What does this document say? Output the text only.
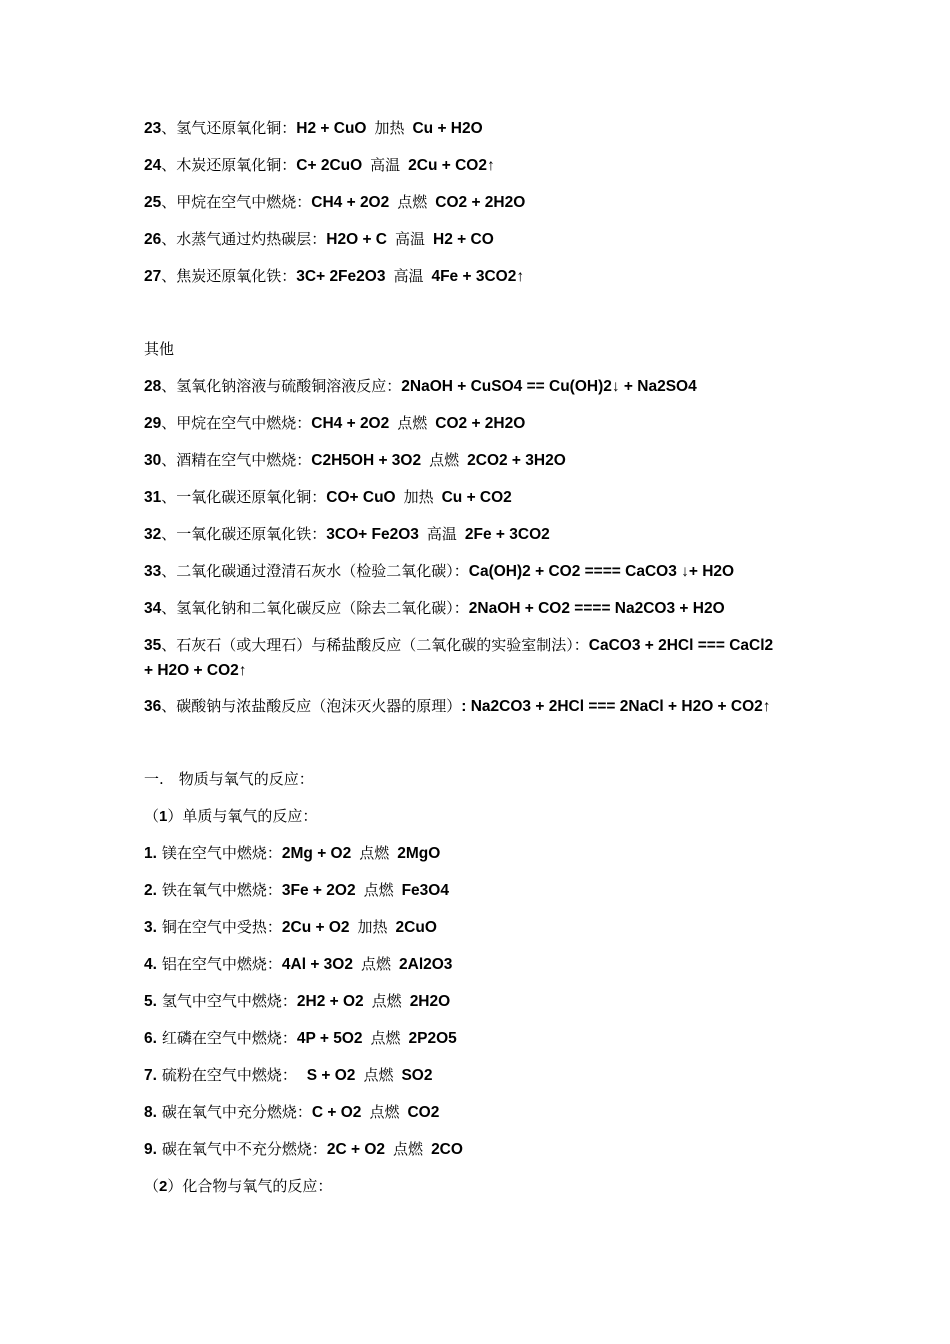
23、氢气还原氧化铜：H2 + CuO 加热 Cu + H2O
24、木炭还原氧化铜：C+ 2CuO 高温 2Cu + CO2↑
25、甲烷在空气中燃烧：CH4 + 2O2 点燃 CO2 + 2H2O
26、水蒸气通过灼热碳层：H2O + C 高温 H2 + CO
27、焦炭还原氧化铁：3C+ 2Fe2O3 高温 4Fe + 3CO2↑
其他
28、氢氧化钠溶液与硫酸铜溶液反应：2NaOH + CuSO4 == Cu(OH)2↓ + Na2SO4
29、甲烷在空气中燃烧：CH4 + 2O2 点燃 CO2 + 2H2O
30、酒精在空气中燃烧：C2H5OH + 3O2 点燃 2CO2 + 3H2O
31、一氧化碳还原氧化铜：CO+ CuO 加热 Cu + CO2
32、一氧化碳还原氧化铁：3CO+ Fe2O3 高温 2Fe + 3CO2
33、二氧化碳通过澄清石灰水（检验二氧化碳）：Ca(OH)2 + CO2 ==== CaCO3 ↓+ H2O
34、氢氧化钠和二氧化碳反应（除去二氧化碳）：2NaOH + CO2 ==== Na2CO3 + H2O
35、石灰石（或大理石）与稀盐酸反应（二氧化碳的实验室制法）：CaCO3 + 2HCl === CaCl2
+ H2O + CO2↑
36、碳酸钠与浓盐酸反应（泡沫灭火器的原理）: Na2CO3 + 2HCl === 2NaCl + H2O + CO2↑
一.　物质与氧气的反应：
（1）单质与氧气的反应：
1. 镁在空气中燃烧：2Mg + O2 点燃 2MgO
2. 铁在氧气中燃烧：3Fe + 2O2 点燃 Fe3O4
3. 铜在空气中受热：2Cu + O2 加热 2CuO
4. 铝在空气中燃烧：4Al + 3O2 点燃 2Al2O3
5. 氢气中空气中燃烧：2H2 + O2 点燃 2H2O
6. 红磷在空气中燃烧：4P + 5O2 点燃 2P2O5
7. 硫粉在空气中燃烧： S + O2 点燃 SO2
8. 碳在氧气中充分燃烧：C + O2 点燃 CO2
9. 碳在氧气中不充分燃烧：2C + O2 点燃 2CO
（2）化合物与氧气的反应：
